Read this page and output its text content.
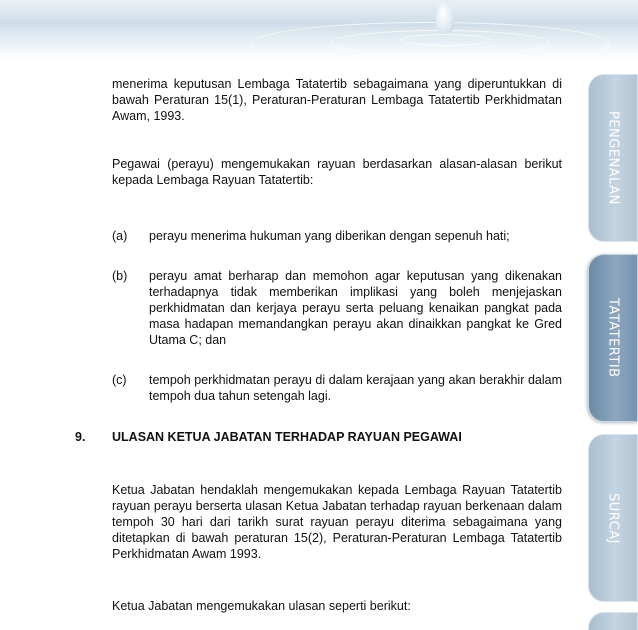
menerima keputusan Lembaga Tatatertib sebagaimana yang diperuntukkan di bawah Peraturan 15(1), Peraturan-Peraturan Lembaga Tatatertib Perkhidmatan Awam, 1993.

Pegawai (perayu) mengemukakan rayuan berdasarkan alasan-alasan berikut kepada Lembaga Rayuan Tatatertib:

(a) perayu menerima hukuman yang diberikan dengan sepenuh hati;

(b) perayu amat berharap dan memohon agar keputusan yang dikenakan terhadapnya tidak memberikan implikasi yang boleh menjejaskan perkhidmatan dan kerjaya perayu serta peluang kenaikan pangkat pada masa hadapan memandangkan perayu akan dinaikkan pangkat ke Gred Utama C; dan

(c) tempoh perkhidmatan perayu di dalam kerajaan yang akan berakhir dalam tempoh dua tahun setengah lagi.

9. ULASAN KETUA JABATAN TERHADAP RAYUAN PEGAWAI

Ketua Jabatan hendaklah mengemukakan kepada Lembaga Rayuan Tatatertib rayuan perayu berserta ulasan Ketua Jabatan terhadap rayuan berkenaan dalam tempoh 30 hari dari tarikh surat rayuan perayu diterima sebagaimana yang ditetapkan di bawah peraturan 15(2), Peraturan-Peraturan Lembaga Tatatertib Perkhidmatan Awam 1993.

Ketua Jabatan mengemukakan ulasan seperti berikut:

PENGENALAN
TATATERTIB
SURCAJ
